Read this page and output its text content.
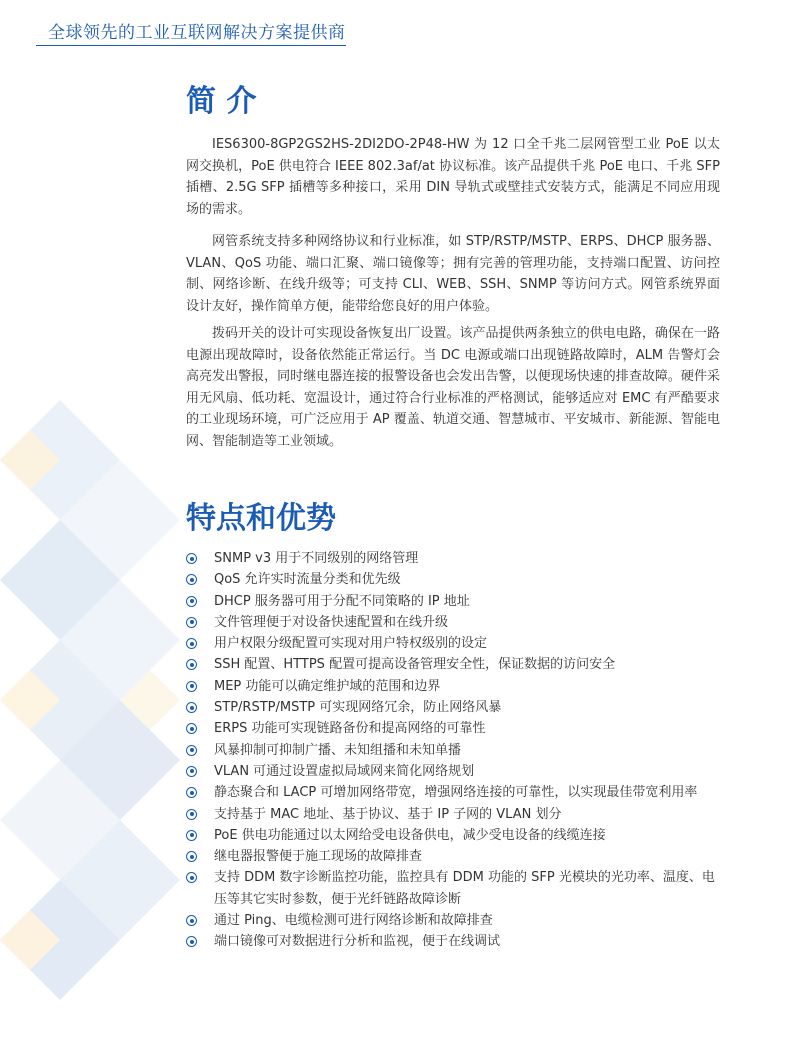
全球领先的工业互联网解决方案提供商
简 介

IES6300-8GP2GS2HS-2DI2DO-2P48-HW 为 12 口全千兆二层网管型工业 PoE 以太网交换机，PoE 供电符合 IEEE 802.3af/at 协议标准。该产品提供千兆 PoE 电口、千兆 SFP 插槽、2.5G SFP 插槽等多种接口，采用 DIN 导轨式或壁挂式安装方式，能满足不同应用现场的需求。

网管系统支持多种网络协议和行业标准，如 STP/RSTP/MSTP、ERPS、DHCP 服务器、VLAN、QoS 功能、端口汇聚、端口镜像等；拥有完善的管理功能，支持端口配置、访问控制、网络诊断、在线升级等；可支持 CLI、WEB、SSH、SNMP 等访问方式。网管系统界面设计友好，操作简单方便，能带给您良好的用户体验。

拨码开关的设计可实现设备恢复出厂设置。该产品提供两条独立的供电电路，确保在一路电源出现故障时，设备依然能正常运行。当 DC 电源或端口出现链路故障时，ALM 告警灯会高亮发出警报，同时继电器连接的报警设备也会发出告警，以便现场快速的排查故障。硬件采用无风扇、低功耗、宽温设计，通过符合行业标准的严格测试，能够适应对 EMC 有严酷要求的工业现场环境，可广泛应用于 AP 覆盖、轨道交通、智慧城市、平安城市、新能源、智能电网、智能制造等工业领域。

特点和优势
SNMP v3 用于不同级别的网络管理
QoS 允许实时流量分类和优先级
DHCP 服务器可用于分配不同策略的 IP 地址
文件管理便于对设备快速配置和在线升级
用户权限分级配置可实现对用户特权级别的设定
SSH 配置、HTTPS 配置可提高设备管理安全性，保证数据的访问安全
MEP 功能可以确定维护域的范围和边界
STP/RSTP/MSTP 可实现网络冗余，防止网络风暴
ERPS 功能可实现链路备份和提高网络的可靠性
风暴抑制可抑制广播、未知组播和未知单播
VLAN 可通过设置虚拟局域网来简化网络规划
静态聚合和 LACP 可增加网络带宽，增强网络连接的可靠性，以实现最佳带宽利用率
支持基于 MAC 地址、基于协议、基于 IP 子网的 VLAN 划分
PoE 供电功能通过以太网给受电设备供电，减少受电设备的线缆连接
继电器报警便于施工现场的故障排查
支持 DDM 数字诊断监控功能，监控具有 DDM 功能的 SFP 光模块的光功率、温度、电压等其它实时参数，便于光纤链路故障诊断
通过 Ping、电缆检测可进行网络诊断和故障排查
端口镜像可对数据进行分析和监视，便于在线调试
